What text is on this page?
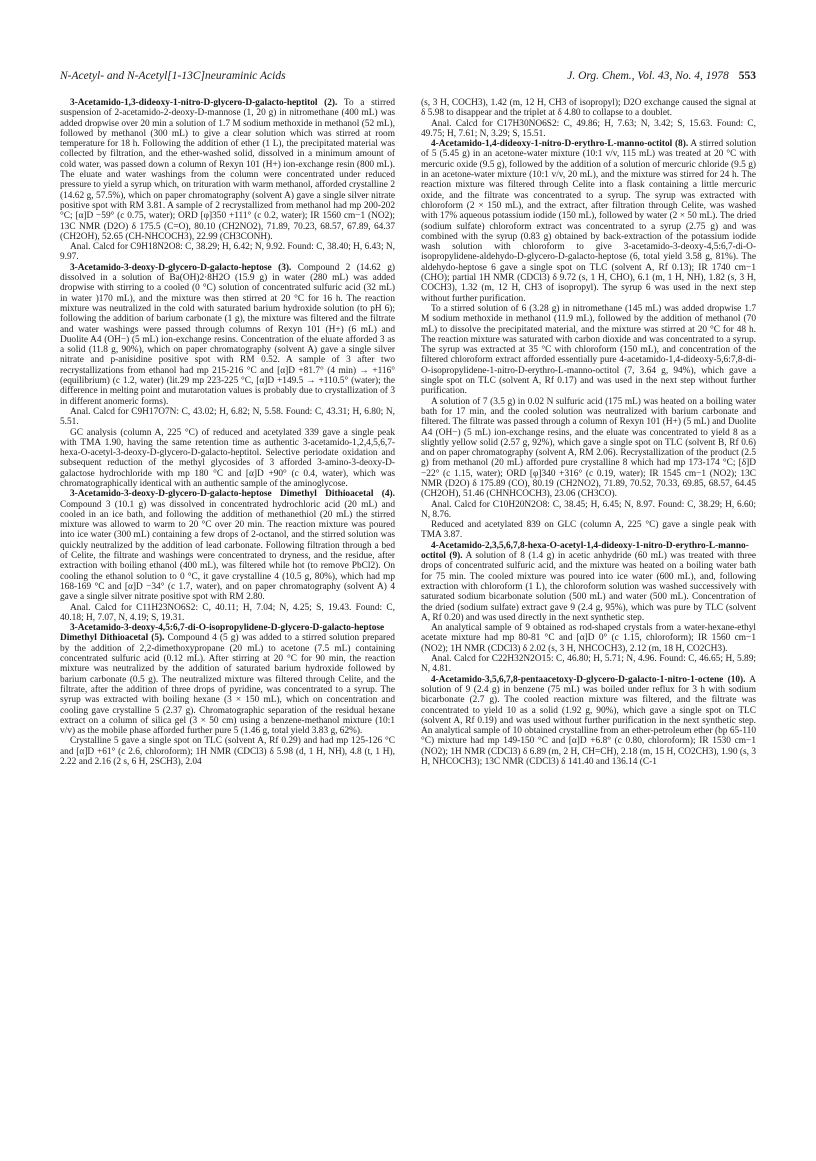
N-Acetyl- and N-Acetyl[1-13C]neuraminic Acids	J. Org. Chem., Vol. 43, No. 4, 1978 553

3-Acetamido-1,3-dideoxy-1-nitro-D-glycero-D-galacto-heptitol (2). To a stirred suspension of 2-acetamido-2-deoxy-D-mannose (1, 20 g) in nitromethane (400 mL) was added dropwise over 20 min a solution of 1.7 M sodium methoxide in methanol (52 mL), followed by methanol (300 mL) to give a clear solution which was stirred at room temperature for 18 h. Following the addition of ether (1 L), the precipitated material was collected by filtration, and the ether-washed solid, dissolved in a minimum amount of cold water, was passed down a column of Rexyn 101 (H+) ion-exchange resin (800 mL). The eluate and water washings from the column were concentrated under reduced pressure to yield a syrup which, on trituration with warm methanol, afforded crystalline 2 (14.62 g, 57.5%), which on paper chromatography (solvent A) gave a single silver nitrate positive spot with RM 3.81. A sample of 2 recrystallized from methanol had mp 200-202 °C; [α]D −59° (c 0.75, water); ORD [φ]350 +111° (c 0.2, water); IR 1560 cm−1 (NO2); 13C NMR (D2O) δ 175.5 (C=O), 80.10 (CH2NO2), 71.89, 70.23, 68.57, 67.89, 64.37 (CH2OH), 52.65 (CH-NHCOCH3), 22.99 (CH3CONH).

Anal. Calcd for C9H18N2O8: C, 38.29; H, 6.42; N, 9.92. Found: C, 38.40; H, 6.43; N, 9.97.

3-Acetamido-3-deoxy-D-glycero-D-galacto-heptose (3). Compound 2 (14.62 g) dissolved in a solution of Ba(OH)2·8H2O (15.9 g) in water (280 mL) was added dropwise with stirring to a cooled (0 °C) solution of concentrated sulfuric acid (32 mL) in water )170 mL), and the mixture was then stirred at 20 °C for 16 h. The reaction mixture was neutralized in the cold with saturated barium hydroxide solution (to pH 6); following the addition of barium carbonate (1 g), the mixture was filtered and the filtrate and water washings were passed through columns of Rexyn 101 (H+) (6 mL) and Duolite A4 (OH−) (5 mL) ion-exchange resins. Concentration of the eluate afforded 3 as a solid (11.8 g, 90%), which on paper chromatography (solvent A) gave a single silver nitrate and p-anisidine positive spot with RM 0.52. A sample of 3 after two recrystallizations from ethanol had mp 215-216 °C and [α]D +81.7° (4 min) → +116° (equilibrium) (c 1.2, water) (lit.29 mp 223-225 °C, [α]D +149.5 → +110.5° (water); the difference in melting point and mutarotation values is probably due to crystallization of 3 in different anomeric forms).

Anal. Calcd for C9H17O7N: C, 43.02; H, 6.82; N, 5.58. Found: C, 43.31; H, 6.80; N, 5.51.

GC analysis (column A, 225 °C) of reduced and acetylated 339 gave a single peak with TMA 1.90, having the same retention time as authentic 3-acetamido-1,2,4,5,6,7-hexa-O-acetyl-3-deoxy-D-glycero-D-galacto-heptitol. Selective periodate oxidation and subsequent reduction of the methyl glycosides of 3 afforded 3-amino-3-deoxy-D-galactose hydrochloride with mp 180 °C and [α]D +90° (c 0.4, water), which was chromatographically identical with an authentic sample of the aminoglycose.

3-Acetamido-3-deoxy-D-glycero-D-galacto-heptose Dimethyl Dithioacetal (4). Compound 3 (10.1 g) was dissolved in concentrated hydrochloric acid (20 mL) and cooled in an ice bath, and following the addition of methanethiol (20 mL) the stirred mixture was allowed to warm to 20 °C over 20 min. The reaction mixture was poured into ice water (300 mL) containing a few drops of 2-octanol, and the stirred solution was quickly neutralized by the addition of lead carbonate. Following filtration through a bed of Celite, the filtrate and washings were concentrated to dryness, and the residue, after extraction with boiling ethanol (400 mL), was filtered while hot (to remove PbCl2). On cooling the ethanol solution to 0 °C, it gave crystalline 4 (10.5 g, 80%), which had mp 168-169 °C and [α]D −34° (c 1.7, water), and on paper chromatography (solvent A) 4 gave a single silver nitrate positive spot with RM 2.80.

Anal. Calcd for C11H23NO6S2: C, 40.11; H, 7.04; N, 4.25; S, 19.43. Found: C, 40.18; H, 7.07, N, 4.19; S, 19.31.

3-Acetamido-3-deoxy-4,5:6,7-di-O-isopropylidene-D-glycero-D-galacto-heptose Dimethyl Dithioacetal (5). Compound 4 (5 g) was added to a stirred solution prepared by the addition of 2,2-dimethoxypropane (20 mL) to acetone (7.5 mL) containing concentrated sulfuric acid (0.12 mL). After stirring at 20 °C for 90 min, the reaction mixture was neutralized by the addition of saturated barium hydroxide followed by barium carbonate (0.5 g). The neutralized mixture was filtered through Celite, and the filtrate, after the addition of three drops of pyridine, was concentrated to a syrup. The syrup was extracted with boiling hexane (3 × 150 mL), which on concentration and cooling gave crystalline 5 (2.37 g). Chromatographic separation of the residual hexane extract on a column of silica gel (3 × 50 cm) using a benzene-methanol mixture (10:1 v/v) as the mobile phase afforded further pure 5 (1.46 g, total yield 3.83 g, 62%).

Crystalline 5 gave a single spot on TLC (solvent A, Rf 0.29) and had mp 125-126 °C and [α]D +61° (c 2.6, chloroform); 1H NMR (CDCl3) δ 5.98 (d, 1 H, NH), 4.8 (t, 1 H), 2.22 and 2.16 (2 s, 6 H, 2SCH3), 2.04

(s, 3 H, COCH3), 1.42 (m, 12 H, CH3 of isopropyl); D2O exchange caused the signal at δ 5.98 to disappear and the triplet at δ 4.80 to collapse to a doublet.

Anal. Calcd for C17H30NO6S2: C, 49.86; H, 7.63; N, 3.42; S, 15.63. Found: C, 49.75; H, 7.61; N, 3.29; S, 15.51.

4-Acetamido-1,4-dideoxy-1-nitro-D-erythro-L-manno-octitol (8). A stirred solution of 5 (5.45 g) in an acetone-water mixture (10:1 v/v, 115 mL) was treated at 20 °C with mercuric oxide (9.5 g), followed by the addition of a solution of mercuric chloride (9.5 g) in an acetone-water mixture (10:1 v/v, 20 mL), and the mixture was stirred for 24 h. The reaction mixture was filtered through Celite into a flask containing a little mercuric oxide, and the filtrate was concentrated to a syrup. The syrup was extracted with chloroform (2 × 150 mL), and the extract, after filtration through Celite, was washed with 17% aqueous potassium iodide (150 mL), followed by water (2 × 50 mL). The dried (sodium sulfate) chloroform extract was concentrated to a syrup (2.75 g) and was combined with the syrup (0.83 g) obtained by back-extraction of the potassium iodide wash solution with chloroform to give 3-acetamido-3-deoxy-4,5:6,7-di-O-isopropylidene-aldehydo-D-glycero-D-galacto-heptose (6, total yield 3.58 g, 81%). The aldehydo-heptose 6 gave a single spot on TLC (solvent A, Rf 0.13); IR 1740 cm−1 (CHO); partial 1H NMR (CDCl3) δ 9.72 (s, 1 H, CHO), 6.1 (m, 1 H, NH), 1.82 (s, 3 H, COCH3), 1.32 (m, 12 H, CH3 of isopropyl). The syrup 6 was used in the next step without further purification.

To a stirred solution of 6 (3.28 g) in nitromethane (145 mL) was added dropwise 1.7 M sodium methoxide in methanol (11.9 mL), followed by the addition of methanol (70 mL) to dissolve the precipitated material, and the mixture was stirred at 20 °C for 48 h. The reaction mixture was saturated with carbon dioxide and was concentrated to a syrup. The syrup was extracted at 35 °C with chloroform (150 mL), and concentration of the filtered chloroform extract afforded essentially pure 4-acetamido-1,4-dideoxy-5,6:7,8-di-O-isopropylidene-1-nitro-D-erythro-L-manno-octitol (7, 3.64 g, 94%), which gave a single spot on TLC (solvent A, Rf 0.17) and was used in the next step without further purification.

A solution of 7 (3.5 g) in 0.02 N sulfuric acid (175 mL) was heated on a boiling water bath for 17 min, and the cooled solution was neutralized with barium carbonate and filtered. The filtrate was passed through a column of Rexyn 101 (H+) (5 mL) and Duolite A4 (OH−) (5 mL) ion-exchange resins, and the eluate was concentrated to yield 8 as a slightly yellow solid (2.57 g, 92%), which gave a single spot on TLC (solvent B, Rf 0.6) and on paper chromatography (solvent A, RM 2.06). Recrystallization of the product (2.5 g) from methanol (20 mL) afforded pure crystalline 8 which had mp 173-174 °C; [δ]D −22° (c 1.15, water); ORD [φ]340 +316° (c 0.19, water); IR 1545 cm−1 (NO2); 13C NMR (D2O) δ 175.89 (CO), 80.19 (CH2NO2), 71.89, 70.52, 70.33, 69.85, 68.57, 64.45 (CH2OH), 51.46 (CHNHCOCH3), 23.06 (CH3CO).

Anal. Calcd for C10H20N2O8: C, 38.45; H, 6.45; N, 8.97. Found: C, 38.29; H, 6.60; N, 8.76.

Reduced and acetylated 839 on GLC (column A, 225 °C) gave a single peak with TMA 3.87.

4-Acetamido-2,3,5,6,7,8-hexa-O-acetyl-1,4-dideoxy-1-nitro-D-erythro-L-manno-octitol (9). A solution of 8 (1.4 g) in acetic anhydride (60 mL) was treated with three drops of concentrated sulfuric acid, and the mixture was heated on a boiling water bath for 75 min. The cooled mixture was poured into ice water (600 mL), and, following extraction with chloroform (1 L), the chloroform solution was washed successively with saturated sodium bicarbonate solution (500 mL) and water (500 mL). Concentration of the dried (sodium sulfate) extract gave 9 (2.4 g, 95%), which was pure by TLC (solvent A, Rf 0.20) and was used directly in the next synthetic step.

An analytical sample of 9 obtained as rod-shaped crystals from a water-hexane-ethyl acetate mixture had mp 80-81 °C and [α]D 0° (c 1.15, chloroform); IR 1560 cm−1 (NO2); 1H NMR (CDCl3) δ 2.02 (s, 3 H, NHCOCH3), 2.12 (m, 18 H, CO2CH3).

Anal. Calcd for C22H32N2O15: C, 46.80; H, 5.71; N, 4.96. Found: C, 46.65; H, 5.89; N, 4.81.

4-Acetamido-3,5,6,7,8-pentaacetoxy-D-glycero-D-galacto-1-nitro-1-octene (10). A solution of 9 (2.4 g) in benzene (75 mL) was boiled under reflux for 3 h with sodium bicarbonate (2.7 g). The cooled reaction mixture was filtered, and the filtrate was concentrated to yield 10 as a solid (1.92 g, 90%), which gave a single spot on TLC (solvent A, Rf 0.19) and was used without further purification in the next synthetic step. An analytical sample of 10 obtained crystalline from an ether-petroleum ether (bp 65-110 °C) mixture had mp 149-150 °C and [α]D +6.8° (c 0.80, chloroform); IR 1530 cm−1 (NO2); 1H NMR (CDCl3) δ 6.89 (m, 2 H, CH=CH), 2.18 (m, 15 H, CO2CH3), 1.90 (s, 3 H, NHCOCH3); 13C NMR (CDCl3) δ 141.40 and 136.14 (C-1
